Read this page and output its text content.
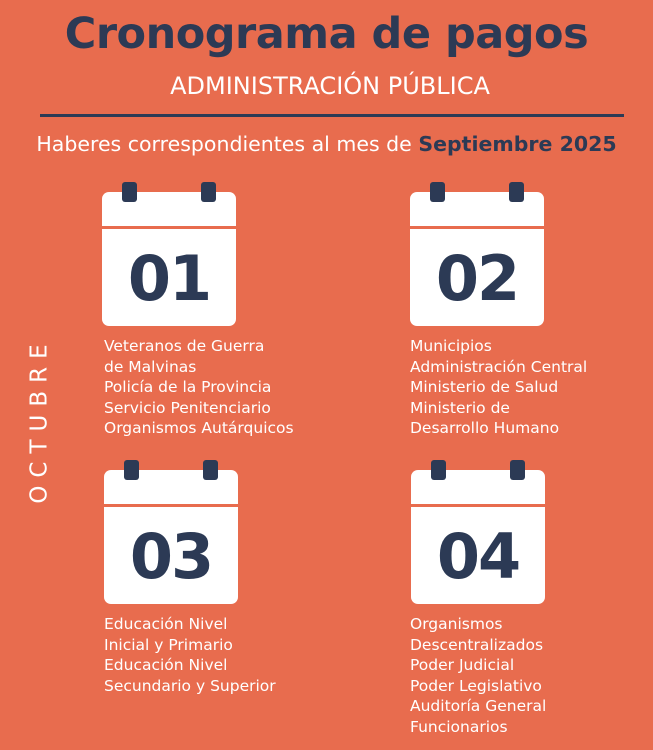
Cronograma de pagos
ADMINISTRACIÓN PÚBLICA
Haberes correspondientes al mes de Septiembre 2025
OCTUBRE
01
Veteranos de Guerra
de Malvinas
Policía de la Provincia
Servicio Penitenciario
Organismos Autárquicos
02
Municipios
Administración Central
Ministerio de Salud
Ministerio de
Desarrollo Humano
03
Educación Nivel
Inicial y Primario
Educación Nivel
Secundario y Superior
04
Organismos
Descentralizados
Poder Judicial
Poder Legislativo
Auditoría General
Funcionarios
